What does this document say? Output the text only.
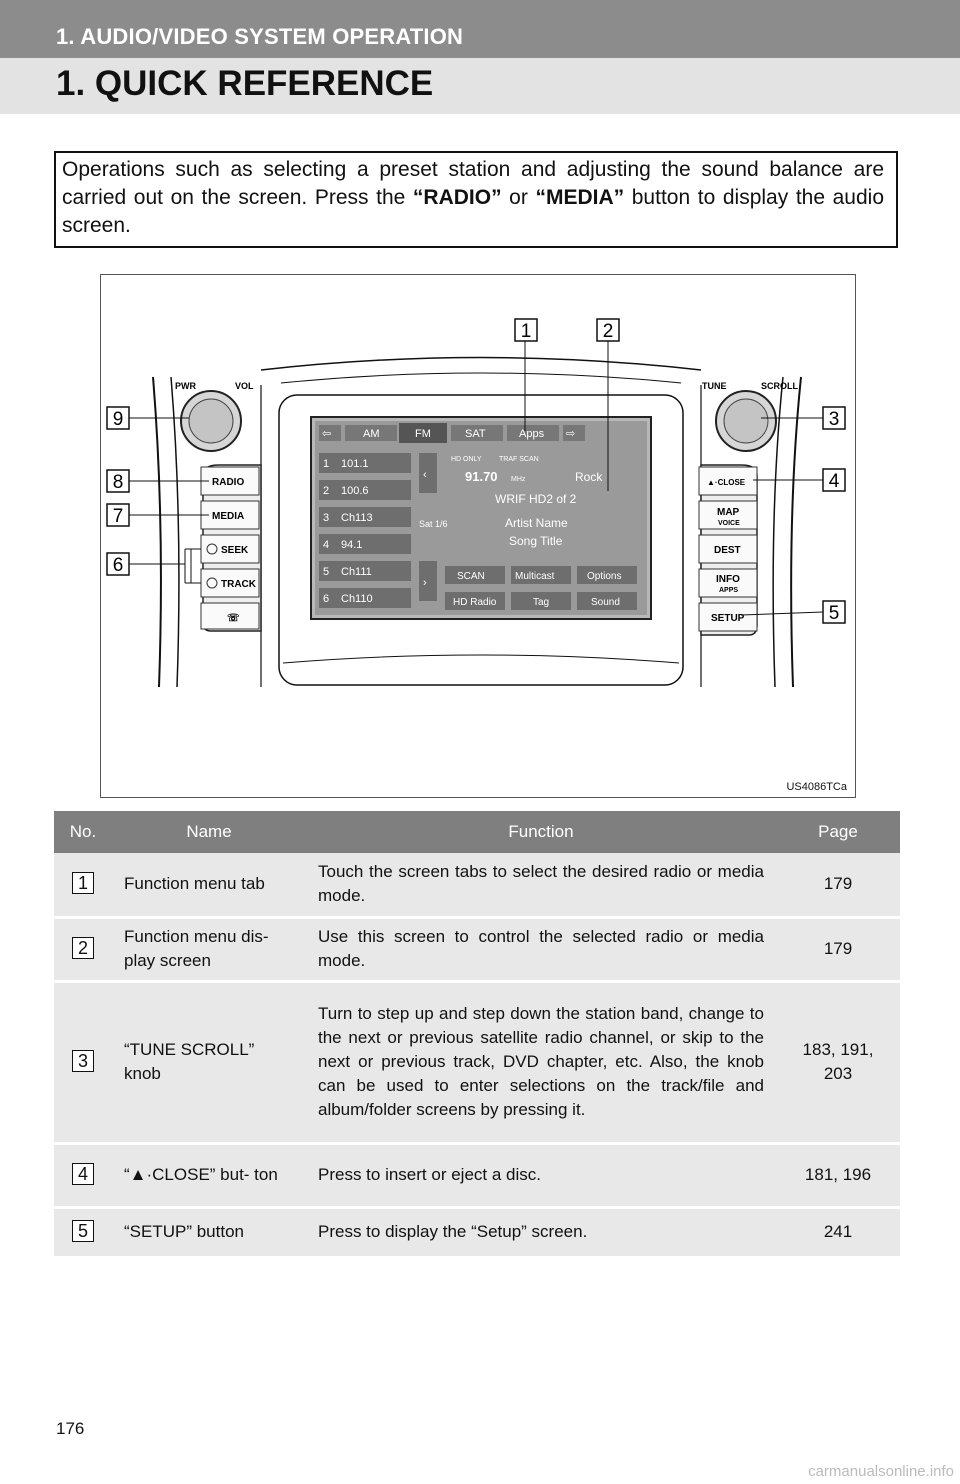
1. AUDIO/VIDEO SYSTEM OPERATION
1. QUICK REFERENCE
Operations such as selecting a preset station and adjusting the sound balance are carried out on the screen. Press the “RADIO” or “MEDIA” button to display the audio screen.
PWR	VOL	TUNE	SCROLL
RADIO
MEDIA
SEEK
TRACK
☏
▲·CLOSE
MAP
VOICE
DEST
INFO
APPS
SETUP
⇦	AM	FM	SAT	Apps ⇨
1 101.1
2 100.6
3 Ch113
4 94.1
5 Ch111
6 Ch110
‹
›
Sat 1/6
HD ONLY TRAF SCAN
91.70 MHz	Rock
WRIF HD2 of 2
Artist Name
Song Title
SCAN	Multicast	Options
HD Radio	Tag	Sound
1	2
3
4
5
6
7
8
9
US4086TCa
No.	Name	Function	Page
1	Function menu tab	Touch the screen tabs to select the desired radio or media mode.	179
2	Function menu dis- play screen	Use this screen to control the selected radio or media mode.	179
3	“TUNE SCROLL” knob	Turn to step up and step down the station band, change to the next or previous satellite radio channel, or skip to the next or previous track, DVD chapter, etc. Also, the knob can be used to enter selections on the track/file and album/folder screens by pressing it.	183, 191, 203
4	“▲·CLOSE” but- ton	Press to insert or eject a disc.	181, 196
5	“SETUP” button	Press to display the “Setup” screen.	241
176
carmanualsonline.info
